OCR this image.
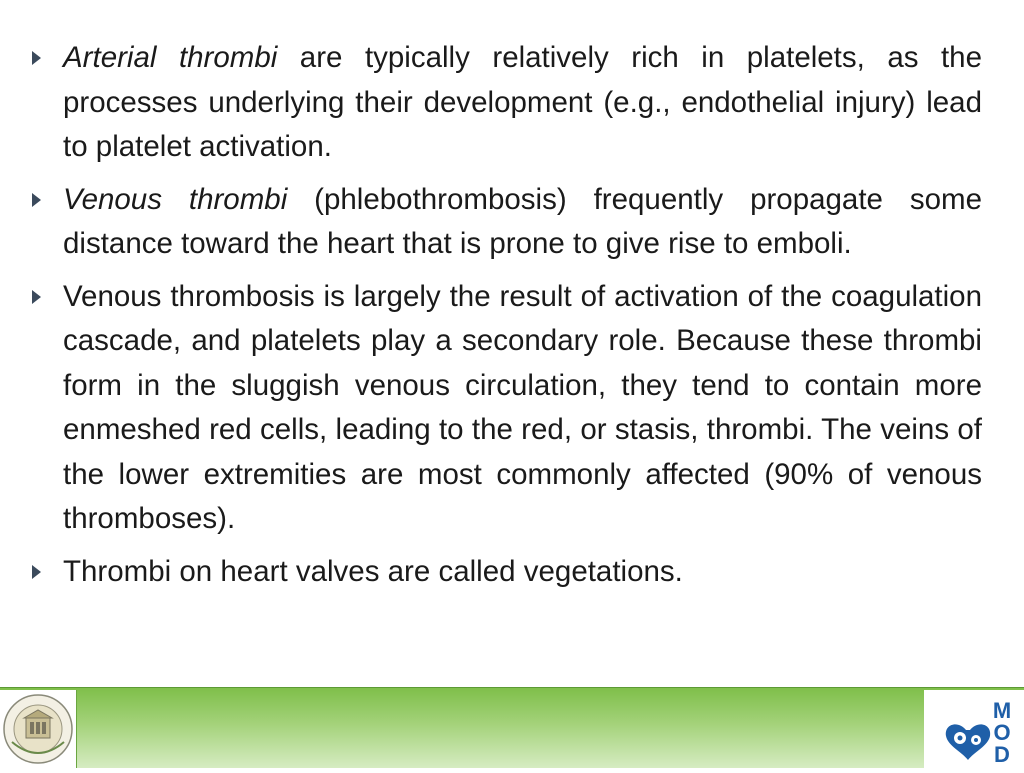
Arterial thrombi are typically relatively rich in platelets, as the processes underlying their development (e.g., endothelial injury) lead to platelet activation.
Venous thrombi (phlebothrombosis) frequently propagate some distance toward the heart that is prone to give rise to emboli.
Venous thrombosis is largely the result of activation of the coagulation cascade, and platelets play a secondary role. Because these thrombi form in the sluggish venous circulation, they tend to contain more enmeshed red cells, leading to the red, or stasis, thrombi. The veins of the lower extremities are most commonly affected (90% of venous thromboses).
Thrombi on heart valves are called vegetations.
M
O
D
